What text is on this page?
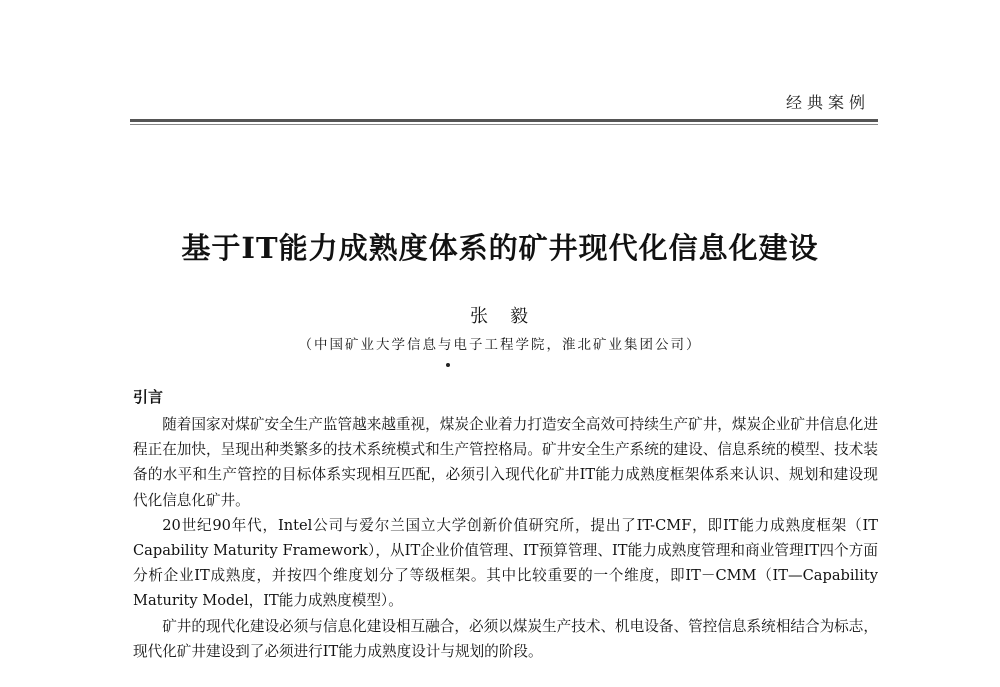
经典案例
基于IT能力成熟度体系的矿井现代化信息化建设
张毅
（中国矿业大学信息与电子工程学院，淮北矿业集团公司）
引言

随着国家对煤矿安全生产监管越来越重视，煤炭企业着力打造安全高效可持续生产矿井，煤炭企业矿井信息化进程正在加快，呈现出种类繁多的技术系统模式和生产管控格局。矿井安全生产系统的建设、信息系统的模型、技术装备的水平和生产管控的目标体系实现相互匹配，必须引入现代化矿井IT能力成熟度框架体系来认识、规划和建设现代化信息化矿井。

20世纪90年代，Intel公司与爱尔兰国立大学创新价值研究所，提出了IT-CMF，即IT能力成熟度框架（IT Capability Maturity Framework），从IT企业价值管理、IT预算管理、IT能力成熟度管理和商业管理IT四个方面分析企业IT成熟度，并按四个维度划分了等级框架。其中比较重要的一个维度，即IT－CMM（IT—Capability Maturity Model，IT能力成熟度模型）。

矿井的现代化建设必须与信息化建设相互融合，必须以煤炭生产技术、机电设备、管控信息系统相结合为标志，现代化矿井建设到了必须进行IT能力成熟度设计与规划的阶段。
